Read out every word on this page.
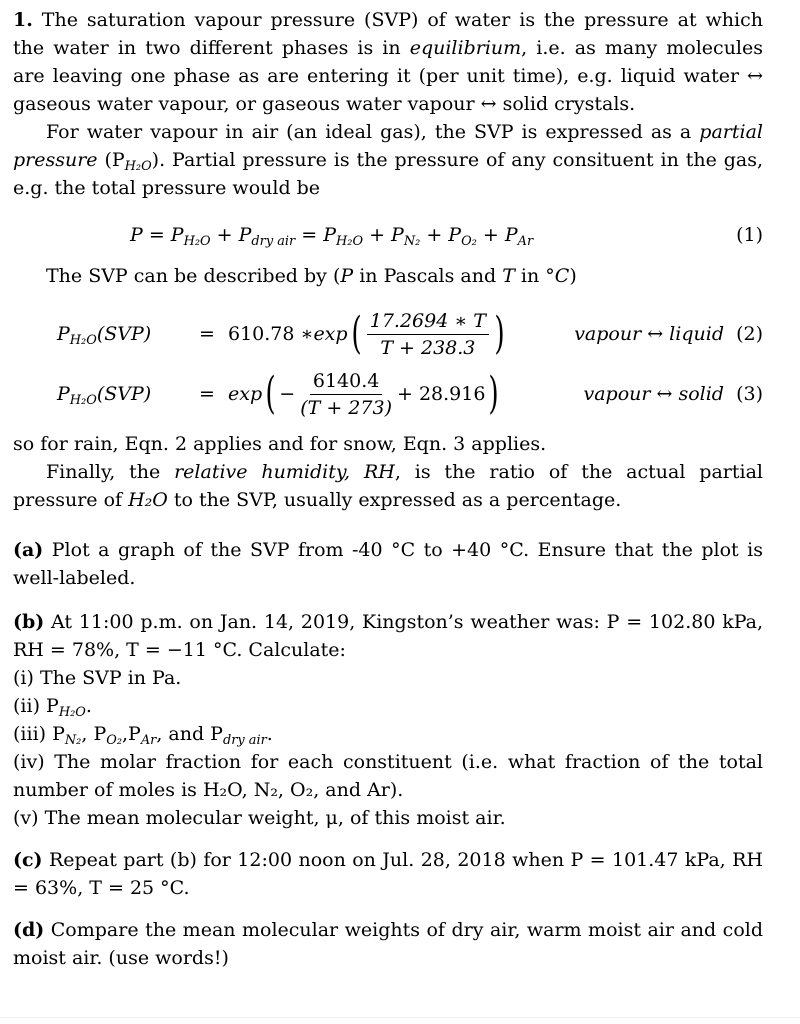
1. The saturation vapour pressure (SVP) of water is the pressure at which the water in two different phases is in equilibrium, i.e. as many molecules are leaving one phase as are entering it (per unit time), e.g. liquid water ↔ gaseous water vapour, or gaseous water vapour ↔ solid crystals.

For water vapour in air (an ideal gas), the SVP is expressed as a partial pressure $(P_{H_2O})$. Partial pressure is the pressure of any consituent in the gas, e.g. the total pressure would be

$P = P_{H_2O} + P_{dry air} = P_{H_2O} + P_{N_2} + P_{O_2} + P_{Ar}$	(1)

The SVP can be described by (P in Pascals and T in °C)

$P_{H_2O}(SVP)$	= 610.78 ∗ exp ( $\frac{17.2694 ∗ T}{T + 238.3}$ )	vapour ↔ liquid (2)
$P_{H_2O}(SVP)$	= exp ( − $\frac{6140.4}{(T + 273)} + 28.916$ )	vapour ↔ solid (3)

so for rain, Eqn. 2 applies and for snow, Eqn. 3 applies.

Finally, the relative humidity, RH, is the ratio of the actual partial pressure of H₂O to the SVP, usually expressed as a percentage.

(a) Plot a graph of the SVP from -40 °C to +40 °C. Ensure that the plot is well-labeled.

(b) At 11:00 p.m. on Jan. 14, 2019, Kingston’s weather was: P = 102.80 kPa, RH = 78%, T = −11 °C. Calculate:

(i) The SVP in Pa.

(ii) $P_{H_2O}$.

(iii) $P_{N_2}$, $P_{O_2},P_{Ar}$, and $P_{dry air}$.

(iv) The molar fraction for each constituent (i.e. what fraction of the total number of moles is H₂O, N₂, O₂, and Ar).

(v) The mean molecular weight, μ, of this moist air.

(c) Repeat part (b) for 12:00 noon on Jul. 28, 2018 when P = 101.47 kPa, RH = 63%, T = 25 °C.

(d) Compare the mean molecular weights of dry air, warm moist air and cold moist air. (use words!)
